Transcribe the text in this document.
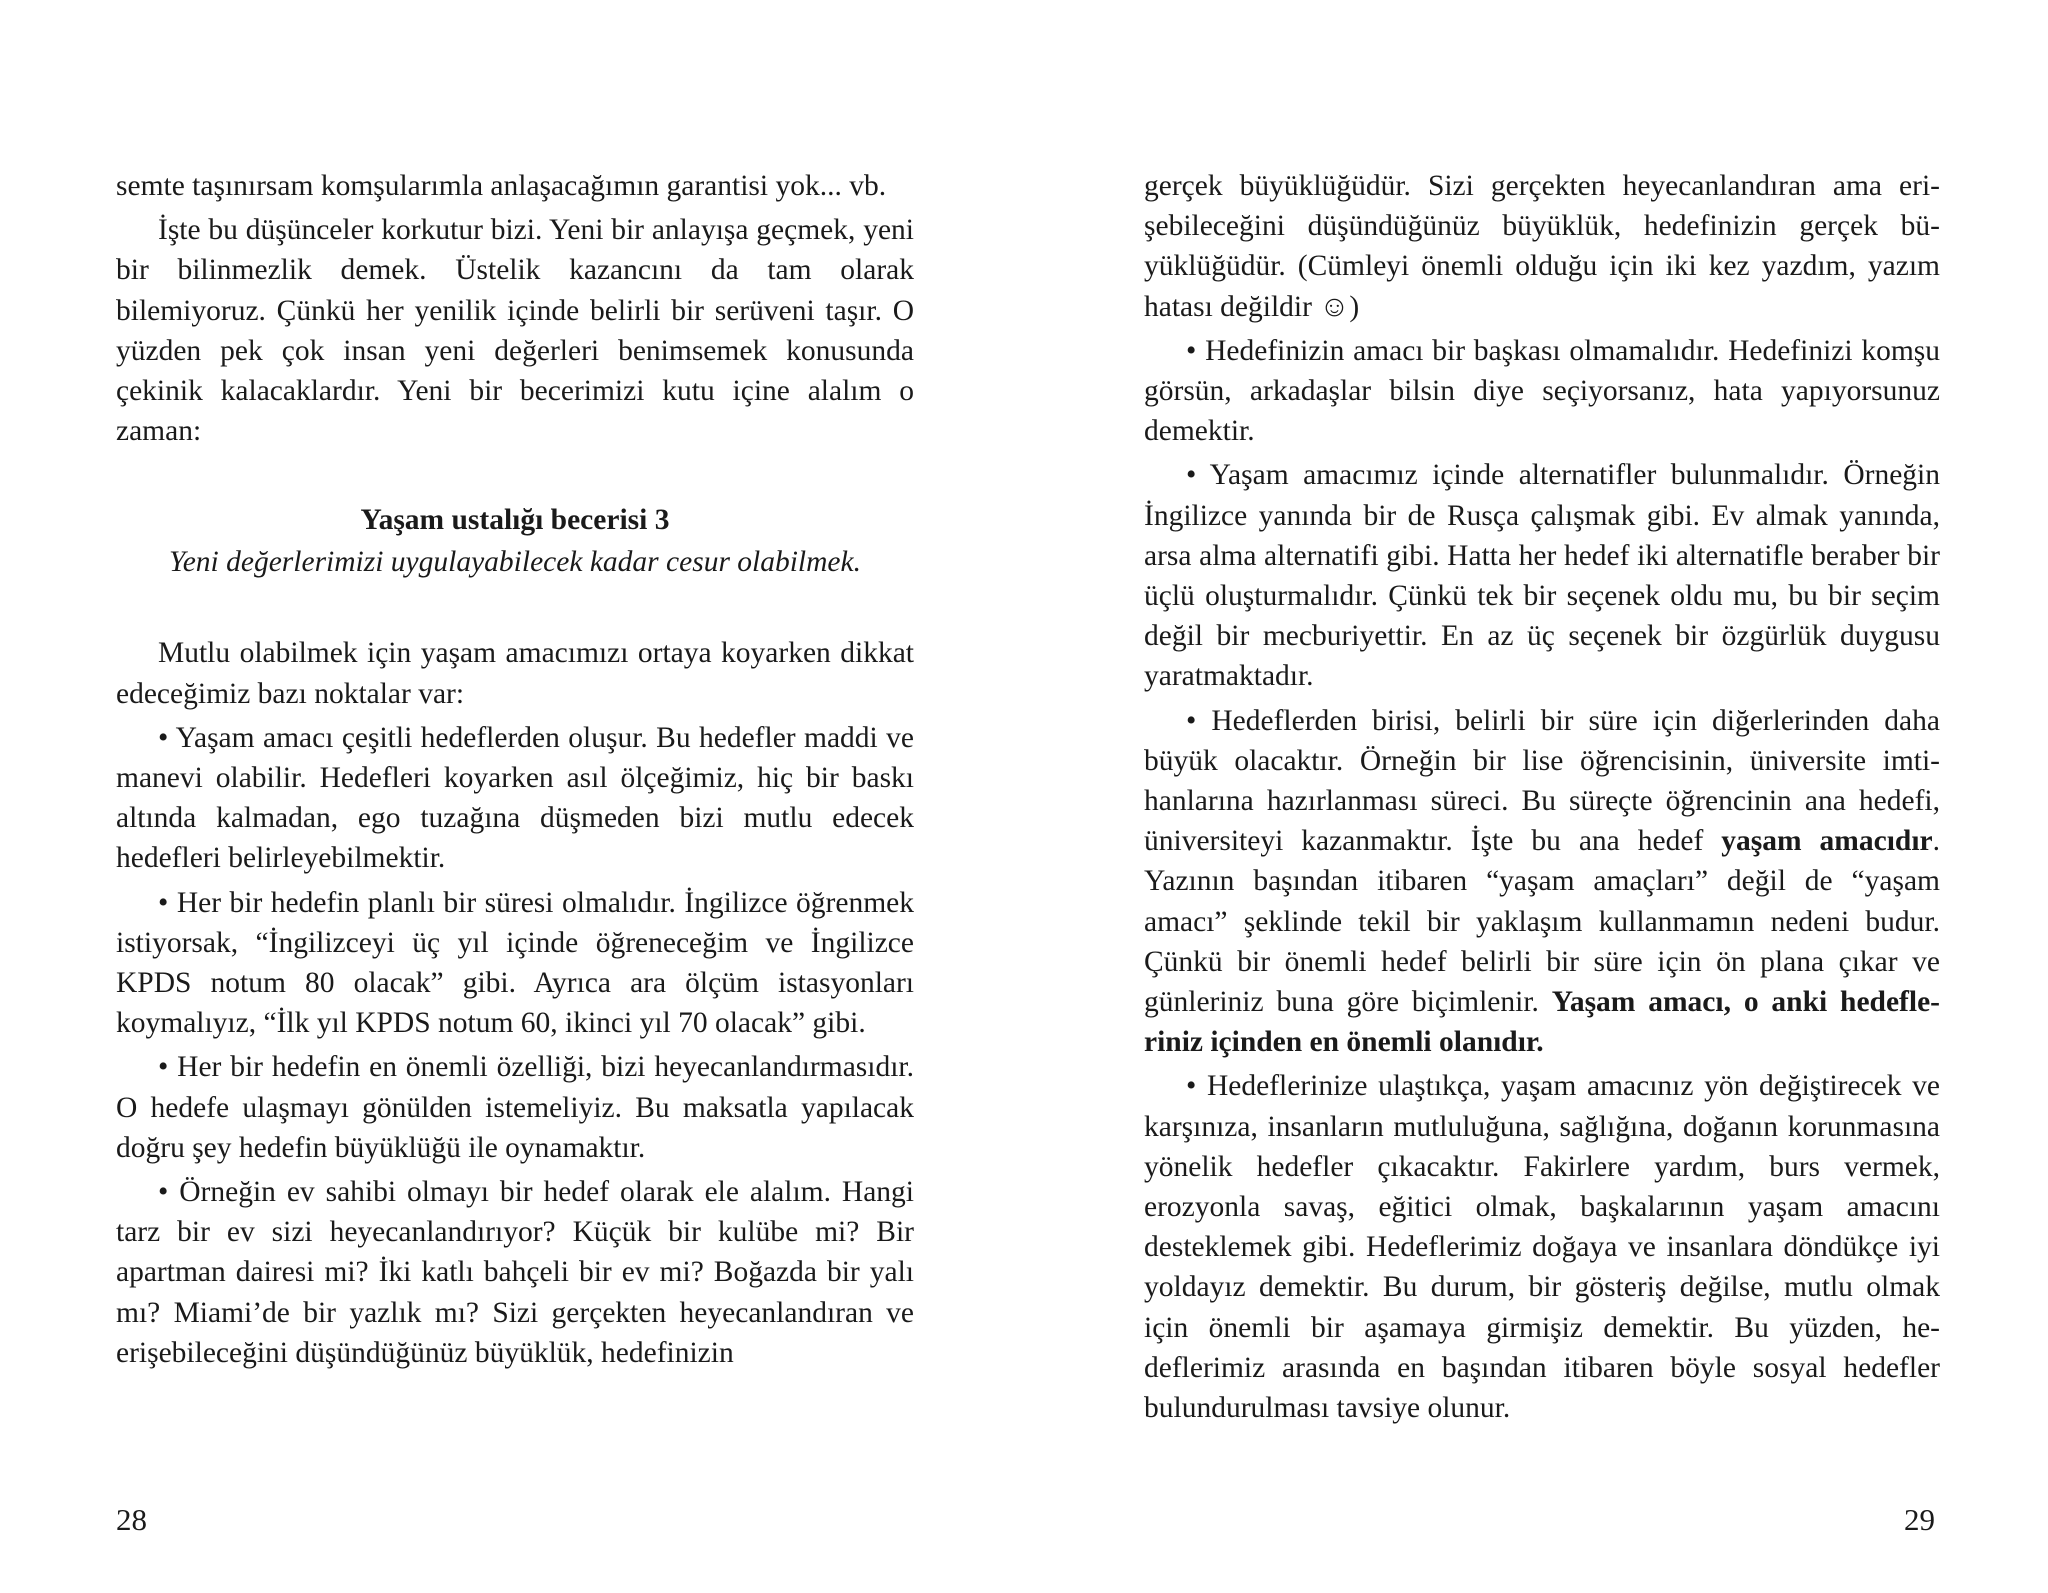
semte taşınırsam komşularımla anlaşacağımın garantisi yok... vb.

İşte bu düşünceler korkutur bizi. Yeni bir anlayışa geçmek, yeni bir bilinmezlik demek. Üstelik kazancını da tam olarak bilemiyoruz. Çünkü her yenilik içinde belirli bir serüveni taşır. O yüzden pek çok insan yeni değerleri benimsemek konusunda çekinik kalacaklardır. Yeni bir becerimizi kutu içine alalım o zaman:

Yaşam ustalığı becerisi 3

Yeni değerlerimizi uygulayabilecek kadar cesur olabilmek.

Mutlu olabilmek için yaşam amacımızı ortaya koyarken dikkat edeceğimiz bazı noktalar var:

• Yaşam amacı çeşitli hedeflerden oluşur. Bu hedefler maddi ve manevi olabilir. Hedefleri koyarken asıl ölçeğimiz, hiç bir baskı altında kalmadan, ego tuzağına düşmeden bizi mutlu edecek hedefleri belirleyebilmektir.

• Her bir hedefin planlı bir süresi olmalıdır. İngilizce öğrenmek istiyorsak, “İngilizceyi üç yıl içinde öğreneceğim ve İngilizce KPDS notum 80 olacak” gibi. Ayrıca ara ölçüm istasyonları koymalıyız, “İlk yıl KPDS notum 60, ikinci yıl 70 olacak” gibi.

• Her bir hedefin en önemli özelliği, bizi heyecanlandırmasıdır. O hedefe ulaşmayı gönülden istemeliyiz. Bu maksatla yapılacak doğru şey hedefin büyüklüğü ile oynamaktır.

• Örneğin ev sahibi olmayı bir hedef olarak ele alalım. Hangi tarz bir ev sizi heyecanlandırıyor? Küçük bir kulübe mi? Bir apartman dairesi mi? İki katlı bahçeli bir ev mi? Boğazda bir yalı mı? Miami’de bir yazlık mı? Sizi gerçekten heyecanlandıran ve erişebileceğini düşündüğünüz büyüklük, hedefinizin

28

gerçek büyüklüğüdür. Sizi gerçekten heyecanlandıran ama erişebileceğini düşündüğünüz büyüklük, hedefinizin gerçek büyüklüğüdür. (Cümleyi önemli olduğu için iki kez yazdım, yazım hatası değildir ☺)

• Hedefinizin amacı bir başkası olmamalıdır. Hedefinizi komşu görsün, arkadaşlar bilsin diye seçiyorsanız, hata yapıyorsunuz demektir.

• Yaşam amacımız içinde alternatifler bulunmalıdır. Örneğin İngilizce yanında bir de Rusça çalışmak gibi. Ev almak yanında, arsa alma alternatifi gibi. Hatta her hedef iki alternatifle beraber bir üçlü oluşturmalıdır. Çünkü tek bir seçenek oldu mu, bu bir seçim değil bir mecburiyettir. En az üç seçenek bir özgürlük duygusu yaratmaktadır.

• Hedeflerden birisi, belirli bir süre için diğerlerinden daha büyük olacaktır. Örneğin bir lise öğrencisinin, üniversite imtihanlarına hazırlanması süreci. Bu süreçte öğrencinin ana hedefi, üniversiteyi kazanmaktır. İşte bu ana hedef yaşam amacıdır. Yazının başından itibaren “yaşam amaçları” değil de “yaşam amacı” şeklinde tekil bir yaklaşım kullanmamın nedeni budur. Çünkü bir önemli hedef belirli bir süre için ön plana çıkar ve günleriniz buna göre biçimlenir. Yaşam amacı, o anki hedefleriniz içinden en önemli olanıdır.

• Hedeflerinize ulaştıkça, yaşam amacınız yön değiştirecek ve karşınıza, insanların mutluluğuna, sağlığına, doğanın korunmasına yönelik hedefler çıkacaktır. Fakirlere yardım, burs vermek, erozyonla savaş, eğitici olmak, başkalarının yaşam amacını desteklemek gibi. Hedeflerimiz doğaya ve insanlara döndükçe iyi yoldayız demektir. Bu durum, bir gösteriş değilse, mutlu olmak için önemli bir aşamaya girmişiz demektir. Bu yüzden, hedeflerimiz arasında en başından itibaren böyle sosyal hedefler bulundurulması tavsiye olunur.

29
